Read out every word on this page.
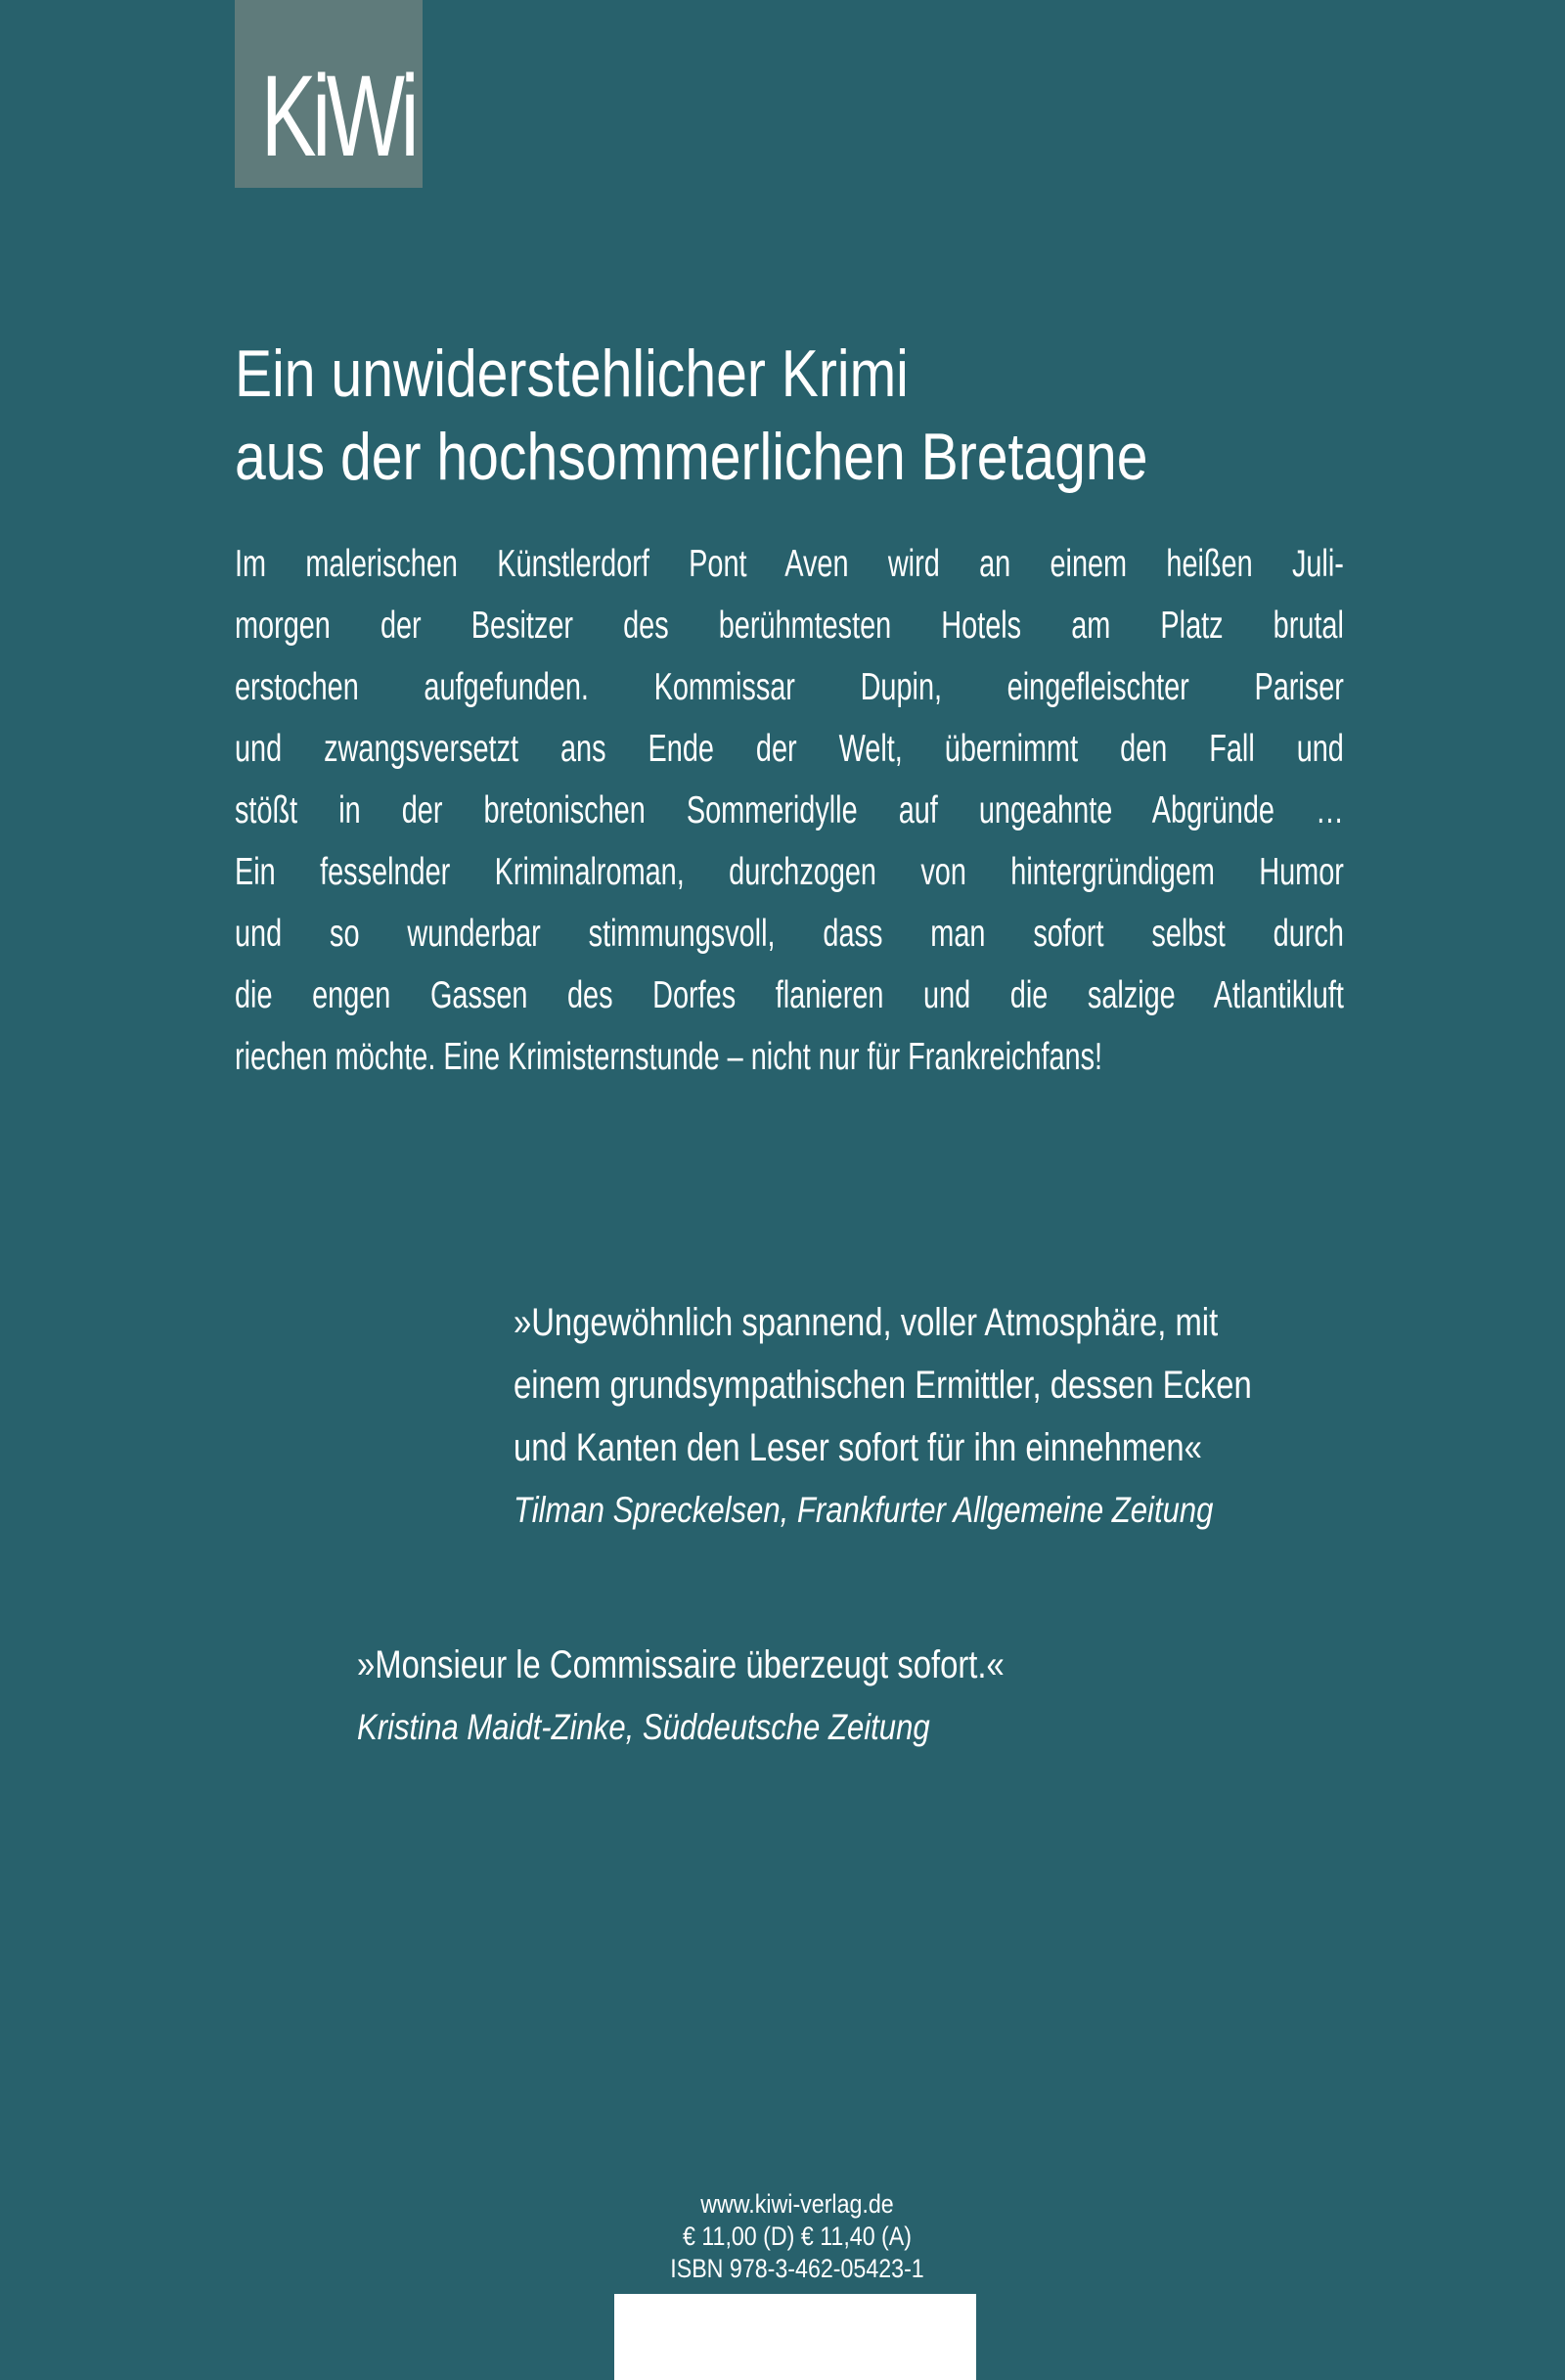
KiWi
Ein unwiderstehlicher Krimi
aus der hochsommerlichen Bretagne
Im malerischen Künstlerdorf Pont Aven wird an einem heißen Juli-
morgen der Besitzer des berühmtesten Hotels am Platz brutal
erstochen aufgefunden. Kommissar Dupin, eingefleischter Pariser
und zwangsversetzt ans Ende der Welt, übernimmt den Fall und
stößt in der bretonischen Sommeridylle auf ungeahnte Abgründe …
Ein fesselnder Kriminalroman, durchzogen von hintergründigem Humor
und so wunderbar stimmungsvoll, dass man sofort selbst durch
die engen Gassen des Dorfes flanieren und die salzige Atlantikluft
riechen möchte. Eine Krimisternstunde – nicht nur für Frankreichfans!
»Ungewöhnlich spannend, voller Atmosphäre, mit
einem grundsympathischen Ermittler, dessen Ecken
und Kanten den Leser sofort für ihn einnehmen«
Tilman Spreckelsen, Frankfurter Allgemeine Zeitung
»Monsieur le Commissaire überzeugt sofort.«
Kristina Maidt-Zinke, Süddeutsche Zeitung
www.kiwi-verlag.de
€ 11,00 (D) € 11,40 (A)
ISBN 978-3-462-05423-1
